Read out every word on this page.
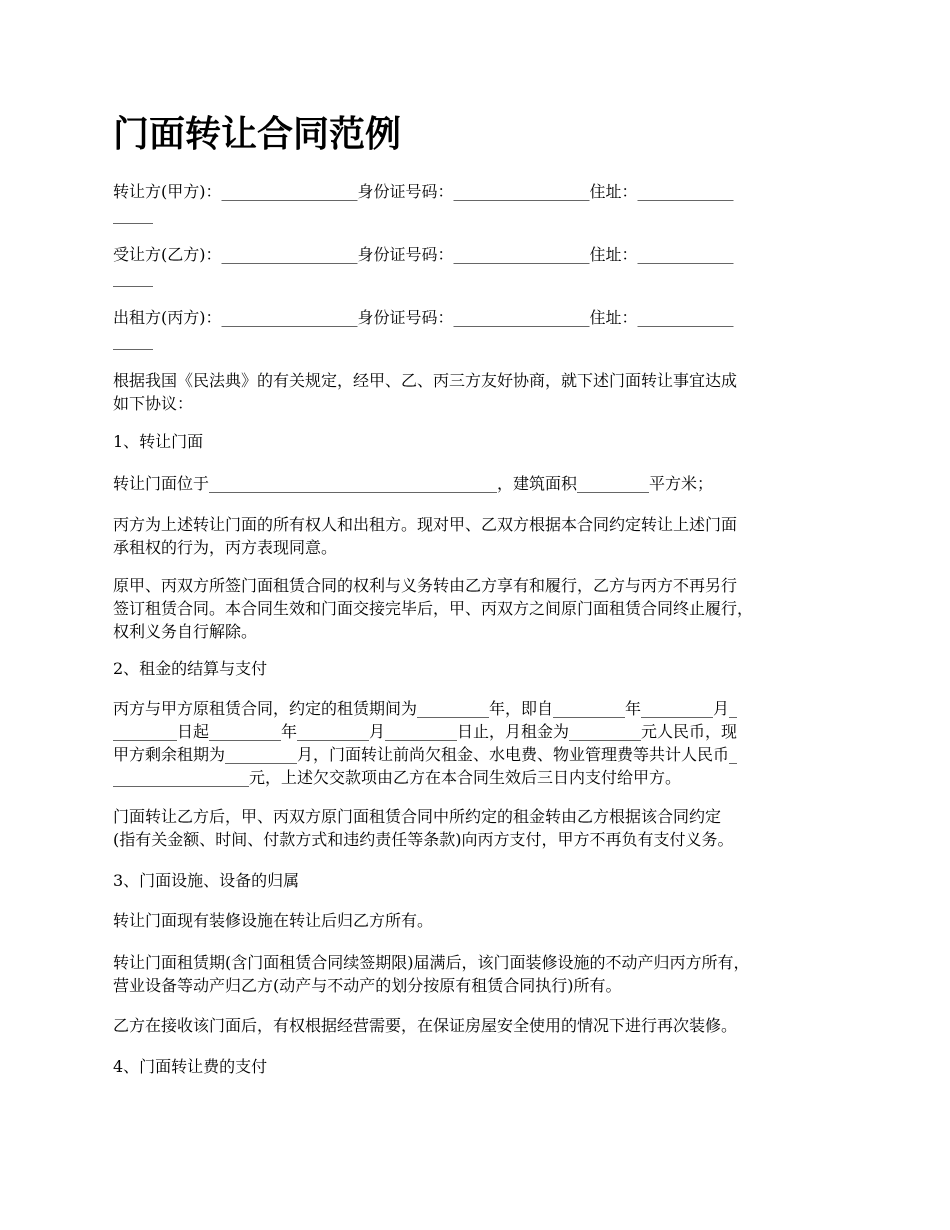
门面转让合同范例

转让方(甲方)：_________________身份证号码：_________________住址：____________
_____

受让方(乙方)：_________________身份证号码：_________________住址：____________
_____

出租方(丙方)：_________________身份证号码：_________________住址：____________
_____

根据我国《民法典》的有关规定，经甲、乙、丙三方友好协商，就下述门面转让事宜达成
如下协议：

1、转让门面

转让门面位于____________________________________，建筑面积_________平方米；

丙方为上述转让门面的所有权人和出租方。现对甲、乙双方根据本合同约定转让上述门面
承租权的行为，丙方表现同意。

原甲、丙双方所签门面租赁合同的权利与义务转由乙方享有和履行，乙方与丙方不再另行
签订租赁合同。本合同生效和门面交接完毕后，甲、丙双方之间原门面租赁合同终止履行，
权利义务自行解除。

2、租金的结算与支付

丙方与甲方原租赁合同，约定的租赁期间为_________年，即自_________年_________月_
________日起_________年_________月_________日止，月租金为_________元人民币，现
甲方剩余租期为_________月，门面转让前尚欠租金、水电费、物业管理费等共计人民币_
_________________元，上述欠交款项由乙方在本合同生效后三日内支付给甲方。

门面转让乙方后，甲、丙双方原门面租赁合同中所约定的租金转由乙方根据该合同约定
(指有关金额、时间、付款方式和违约责任等条款)向丙方支付，甲方不再负有支付义务。

3、门面设施、设备的归属

转让门面现有装修设施在转让后归乙方所有。

转让门面租赁期(含门面租赁合同续签期限)届满后，该门面装修设施的不动产归丙方所有，
营业设备等动产归乙方(动产与不动产的划分按原有租赁合同执行)所有。

乙方在接收该门面后，有权根据经营需要，在保证房屋安全使用的情况下进行再次装修。

4、门面转让费的支付
